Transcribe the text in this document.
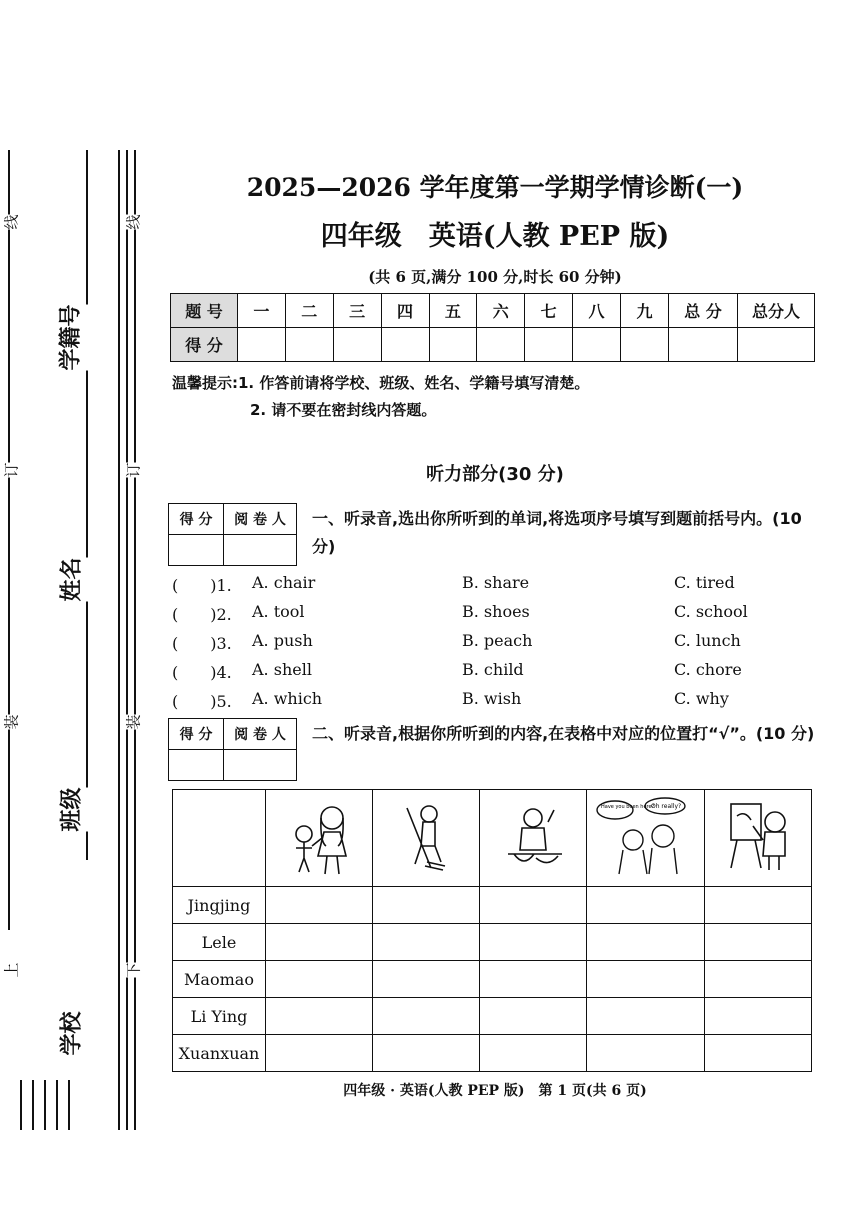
线
订
装
上
线
订
装
下
学籍号
姓名
班级
学校
2025—2026 学年度第一学期学情诊断(一)
四年级　英语(人教 PEP 版)
(共 6 页,满分 100 分,时长 60 分钟)
题 号	一	二	三	四	五	六	七	八	九	总 分	总分人
得 分											
温馨提示:1. 作答前请将学校、班级、姓名、学籍号填写清楚。
2. 请不要在密封线内答题。
听力部分(30 分)
得 分	阅 卷 人
	一、听录音,选出你所听到的单词,将选项序号填写到题前括号内。(10 分)
(　　)1. A. chair	B. share	C. tired
(　　)2. A. tool	B. shoes	C. school
(　　)3. A. push	B. peach	C. lunch
(　　)4. A. shell	B. child	C. chore
(　　)5. A. which	B. wish	C. why
得 分	阅 卷 人
	二、听录音,根据你所听到的内容,在表格中对应的位置打“√”。(10 分)

Have you been here?
Oh really?

Jingjing					
Lele					
Maomao					
Li Ying					
Xuanxuan					
四年级 · 英语(人教 PEP 版)　第 1 页(共 6 页)
